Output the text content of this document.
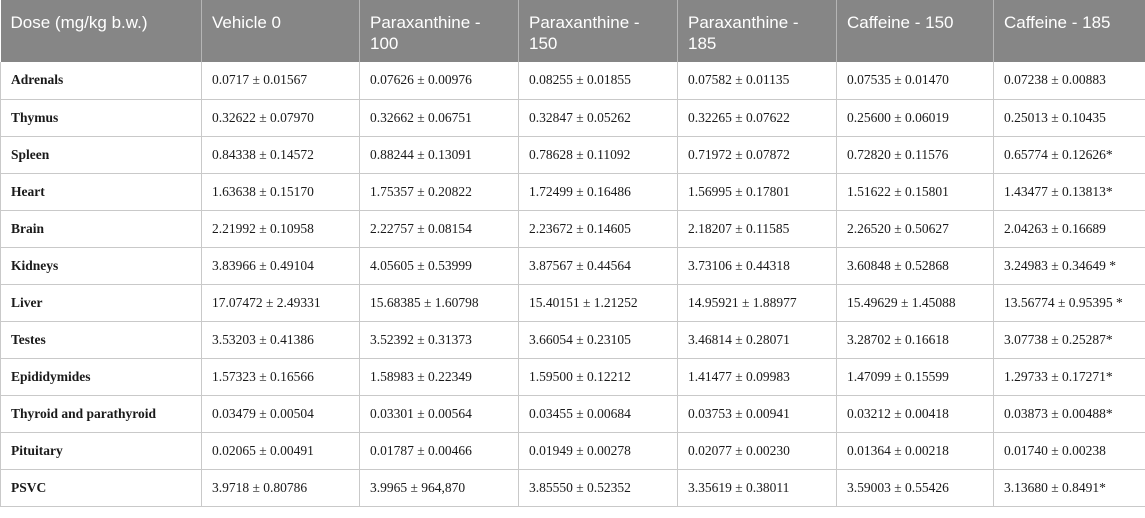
Dose (mg/kg b.w.)	Vehicle 0	Paraxanthine - 100	Paraxanthine - 150	Paraxanthine - 185	Caffeine - 150	Caffeine - 185
Adrenals	0.0717 ± 0.01567	0.07626 ± 0.00976	0.08255 ± 0.01855	0.07582 ± 0.01135	0.07535 ± 0.01470	0.07238 ± 0.00883
Thymus	0.32622 ± 0.07970	0.32662 ± 0.06751	0.32847 ± 0.05262	0.32265 ± 0.07622	0.25600 ± 0.06019	0.25013 ± 0.10435
Spleen	0.84338 ± 0.14572	0.88244 ± 0.13091	0.78628 ± 0.11092	0.71972 ± 0.07872	0.72820 ± 0.11576	0.65774 ± 0.12626*
Heart	1.63638 ± 0.15170	1.75357 ± 0.20822	1.72499 ± 0.16486	1.56995 ± 0.17801	1.51622 ± 0.15801	1.43477 ± 0.13813*
Brain	2.21992 ± 0.10958	2.22757 ± 0.08154	2.23672 ± 0.14605	2.18207 ± 0.11585	2.26520 ± 0.50627	2.04263 ± 0.16689
Kidneys	3.83966 ± 0.49104	4.05605 ± 0.53999	3.87567 ± 0.44564	3.73106 ± 0.44318	3.60848 ± 0.52868	3.24983 ± 0.34649 *
Liver	17.07472 ± 2.49331	15.68385 ± 1.60798	15.40151 ± 1.21252	14.95921 ± 1.88977	15.49629 ± 1.45088	13.56774 ± 0.95395 *
Testes	3.53203 ± 0.41386	3.52392 ± 0.31373	3.66054 ± 0.23105	3.46814 ± 0.28071	3.28702 ± 0.16618	3.07738 ± 0.25287*
Epididymides	1.57323 ± 0.16566	1.58983 ± 0.22349	1.59500 ± 0.12212	1.41477 ± 0.09983	1.47099 ± 0.15599	1.29733 ± 0.17271*
Thyroid and parathyroid	0.03479 ± 0.00504	0.03301 ± 0.00564	0.03455 ± 0.00684	0.03753 ± 0.00941	0.03212 ± 0.00418	0.03873 ± 0.00488*
Pituitary	0.02065 ± 0.00491	0.01787 ± 0.00466	0.01949 ± 0.00278	0.02077 ± 0.00230	0.01364 ± 0.00218	0.01740 ± 0.00238
PSVC	3.9718 ± 0.80786	3.9965 ± 964,870	3.85550 ± 0.52352	3.35619 ± 0.38011	3.59003 ± 0.55426	3.13680 ± 0.8491*
